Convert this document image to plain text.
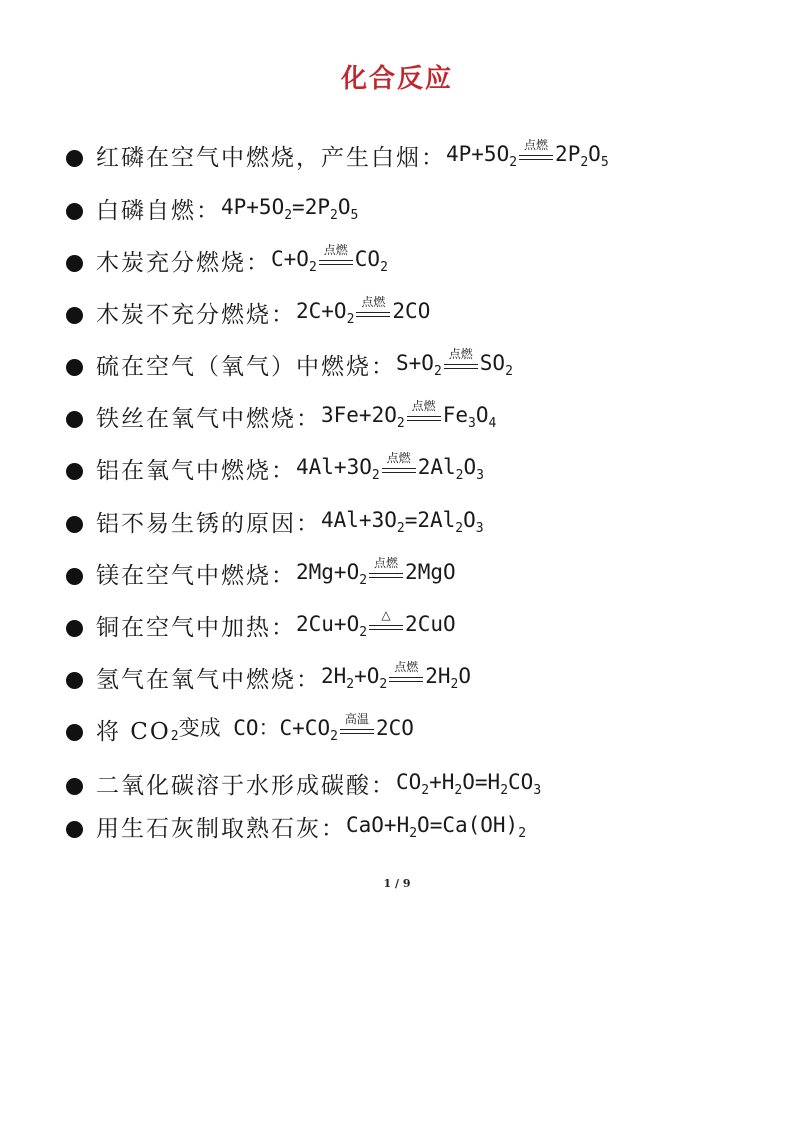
化合反应
红磷在空气中燃烧，产生白烟： $4P+5O_2$
点燃 $2P_2O_5$
白磷自燃： $4P+5O_2=2P_2O_5$
木炭充分燃烧： $C+O_2$
点燃 $CO_2$
木炭不充分燃烧： $2C+O_2$
点燃 2CO
硫在空气（氧气）中燃烧： $S+O_2$
点燃 $SO_2$
铁丝在氧气中燃烧： $3Fe+2O_2$
点燃 $Fe_3O_4$
铝在氧气中燃烧： $4Al+3O_2$
点燃 $2Al_2O_3$
铝不易生锈的原因： $4Al+3O_2=2Al_2O_3$
镁在空气中燃烧： $2Mg+O_2$
点燃 2MgO
铜在空气中加热： $2Cu+O_2$
△ 2CuO
氢气在氧气中燃烧： $2H_2+O_2$
点燃 $2H_2O$
将 CO $_2$变成 CO：$C+CO_2$
高温 2CO
二氧化碳溶于水形成碳酸： $CO_2+H_2O=H_2CO_3$
用生石灰制取熟石灰： $CaO+H_2O=Ca(OH)_2$
1 / 9
